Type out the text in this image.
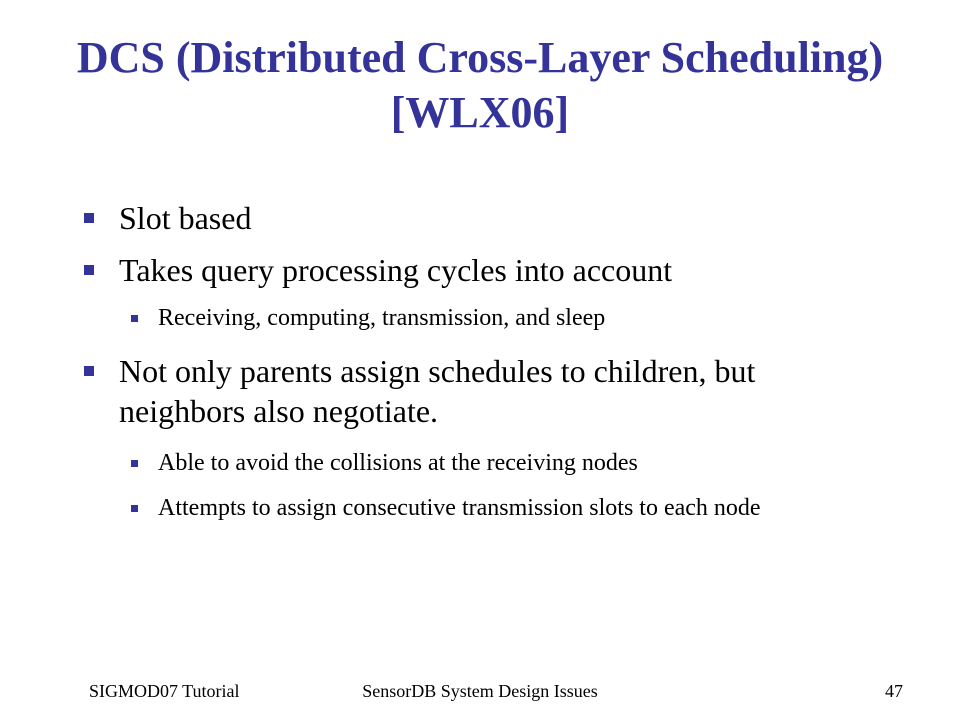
DCS (Distributed Cross-Layer Scheduling) [WLX06]
Slot based
Takes query processing cycles into account
Receiving, computing, transmission, and sleep
Not only parents assign schedules to children, but neighbors also negotiate.
Able to avoid the collisions at the receiving nodes
Attempts to assign consecutive transmission slots to each node
SensorDB System Design Issues
SIGMOD07 Tutorial	47
